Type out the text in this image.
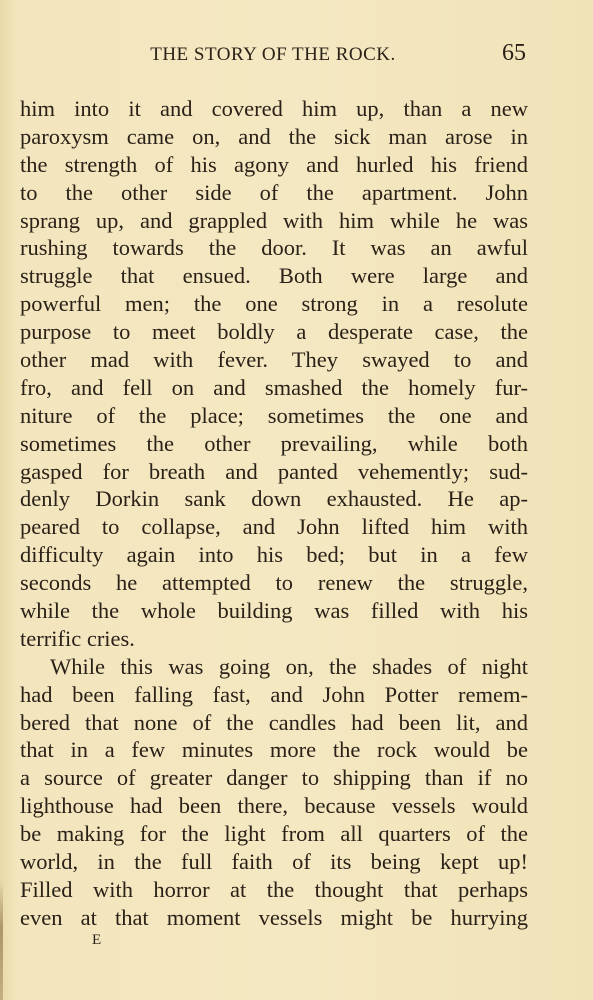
THE STORY OF THE ROCK.	65
him into it and covered him up, than a new
paroxysm came on, and the sick man arose in
the strength of his agony and hurled his friend
to the other side of the apartment. John
sprang up, and grappled with him while he was
rushing towards the door. It was an awful
struggle that ensued. Both were large and
powerful men; the one strong in a resolute
purpose to meet boldly a desperate case, the
other mad with fever. They swayed to and
fro, and fell on and smashed the homely fur-
niture of the place; sometimes the one and
sometimes the other prevailing, while both
gasped for breath and panted vehemently; sud-
denly Dorkin sank down exhausted. He ap-
peared to collapse, and John lifted him with
difficulty again into his bed; but in a few
seconds he attempted to renew the struggle,
while the whole building was filled with his
terrific cries.
While this was going on, the shades of night
had been falling fast, and John Potter remem-
bered that none of the candles had been lit, and
that in a few minutes more the rock would be
a source of greater danger to shipping than if no
lighthouse had been there, because vessels would
be making for the light from all quarters of the
world, in the full faith of its being kept up!
Filled with horror at the thought that perhaps
even at that moment vessels might be hurrying
E
